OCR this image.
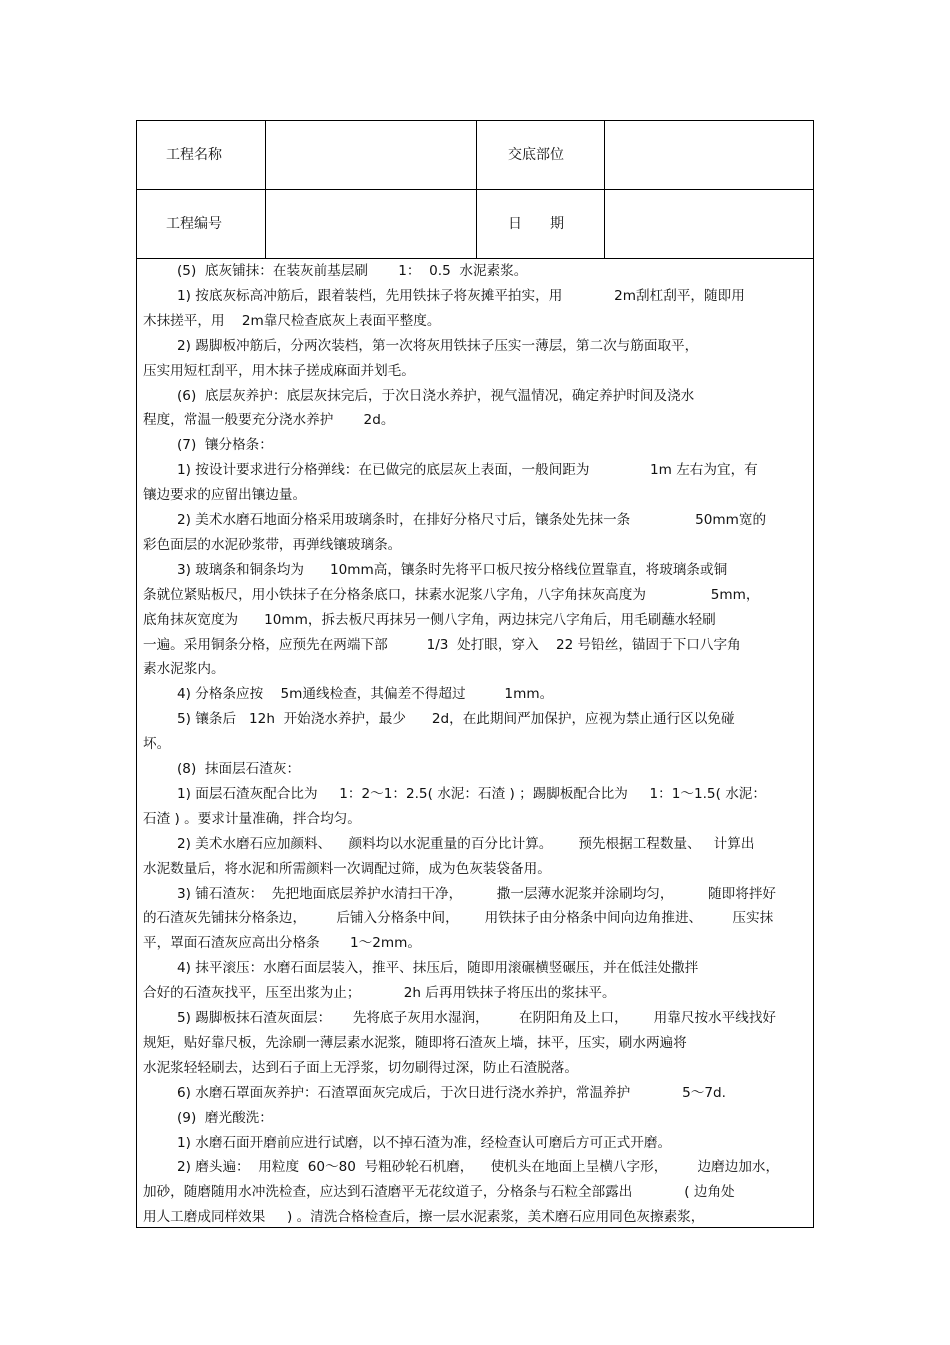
工程名称	交底部位
工程编号	日　　期
(5)  底灰铺抹：在装灰前基层刷       1：  0.5  水泥素浆。
1) 按底灰标高冲筋后，跟着装档，先用铁抹子将灰摊平拍实，用            2m刮杠刮平，随即用
木抹搓平，用    2m靠尺检查底灰上表面平整度。
2) 踢脚板冲筋后，分两次装档，第一次将灰用铁抹子压实一薄层，第二次与筋面取平，
压实用短杠刮平，用木抹子搓成麻面并划毛。
(6)  底层灰养护：底层灰抹完后，于次日浇水养护，视气温情况，确定养护时间及浇水
程度，常温一般要充分浇水养护       2d。
(7)  镶分格条：
1) 按设计要求进行分格弹线：在已做完的底层灰上表面，一般间距为              1m 左右为宜，有
镶边要求的应留出镶边量。
2) 美术水磨石地面分格采用玻璃条时，在排好分格尺寸后，镶条处先抹一条               50mm宽的
彩色面层的水泥砂浆带，再弹线镶玻璃条。
3) 玻璃条和铜条均为      10mm高，镶条时先将平口板尺按分格线位置靠直，将玻璃条或铜
条就位紧贴板尺，用小铁抹子在分格条底口，抹素水泥浆八字角，八字角抹灰高度为               5mm，
底角抹灰宽度为      10mm，拆去板尺再抹另一侧八字角，两边抹完八字角后，用毛刷蘸水轻刷
一遍。采用铜条分格，应预先在两端下部         1/3  处打眼，穿入    22 号铅丝，锚固于下口八字角
素水泥浆内。
4) 分格条应按    5m通线检查，其偏差不得超过         1mm。
5) 镶条后   12h  开始浇水养护，最少      2d，在此期间严加保护，应视为禁止通行区以免碰
坏。
(8)  抹面层石渣灰：
1) 面层石渣灰配合比为     1：2～1：2.5( 水泥：石渣 ) ；踢脚板配合比为     1：1～1.5( 水泥：
石渣 ) 。要求计量准确，拌合均匀。
2) 美术水磨石应加颜料、    颜料均以水泥重量的百分比计算。      预先根据工程数量、   计算出
水泥数量后，将水泥和所需颜料一次调配过筛，成为色灰装袋备用。
3) 铺石渣灰：  先把地面底层养护水清扫干净，        撒一层薄水泥浆并涂刷均匀，        随即将拌好
的石渣灰先铺抹分格条边，       后铺入分格条中间，      用铁抹子由分格条中间向边角推进、       压实抹
平，罩面石渣灰应高出分格条       1～2mm。
4) 抹平滚压：水磨石面层装入，推平、抹压后，随即用滚碾横竖碾压，并在低洼处撒拌
合好的石渣灰找平，压至出浆为止；          2h 后再用铁抹子将压出的浆抹平。
5) 踢脚板抹石渣灰面层：     先将底子灰用水湿润，       在阴阳角及上口，      用靠尺按水平线找好
规矩，贴好靠尺板，先涂刷一薄层素水泥浆，随即将石渣灰上墙，抹平，压实，刷水两遍将
水泥浆轻轻刷去，达到石子面上无浮浆，切勿刷得过深，防止石渣脱落。
6) 水磨石罩面灰养护：石渣罩面灰完成后，于次日进行浇水养护，常温养护            5～7d.
(9)  磨光酸洗：
1) 水磨石面开磨前应进行试磨，以不掉石渣为准，经检查认可磨后方可正式开磨。
2) 磨头遍：  用粒度  60～80  号粗砂轮石机磨，    使机头在地面上呈横八字形，       边磨边加水，
加砂，随磨随用水冲洗检查，应达到石渣磨平无花纹道子，分格条与石粒全部露出            ( 边角处
用人工磨成同样效果     ) 。清洗合格检查后，擦一层水泥素浆，美术磨石应用同色灰擦素浆，
